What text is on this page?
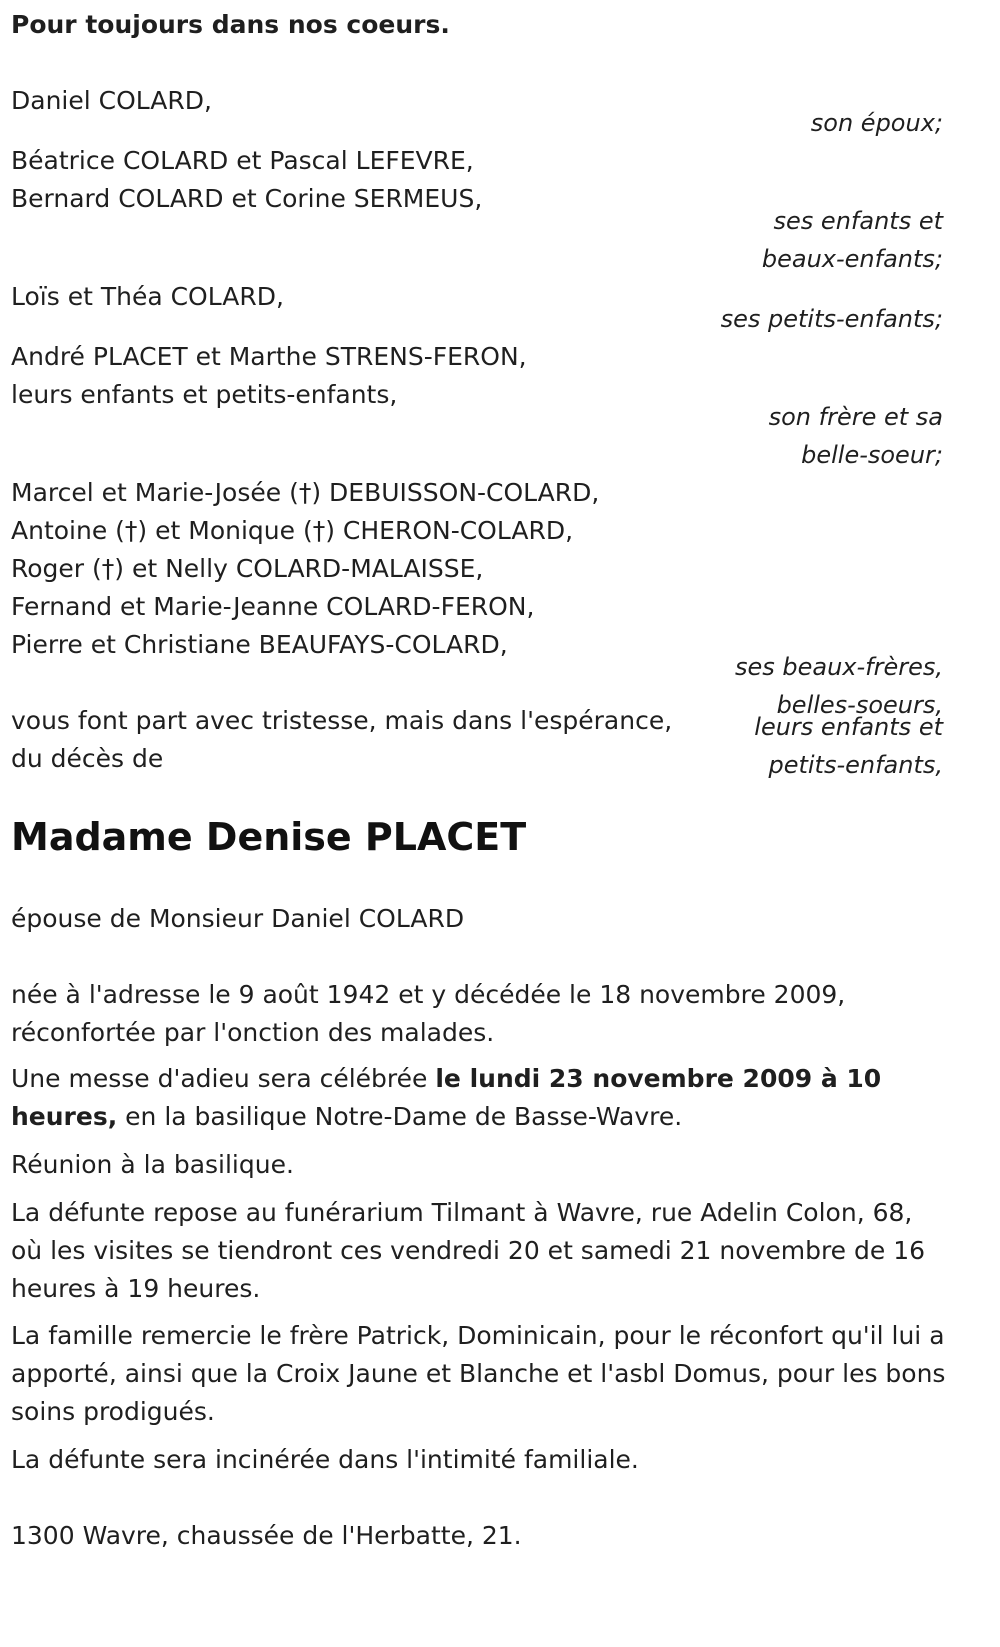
Pour toujours dans nos coeurs.
Daniel COLARD,
son époux;
Béatrice COLARD et Pascal LEFEVRE,
Bernard COLARD et Corine SERMEUS,
ses enfants et
beaux-enfants;
Loïs et Théa COLARD,
ses petits-enfants;
André PLACET et Marthe STRENS-FERON,
leurs enfants et petits-enfants,
son frère et sa
belle-soeur;
Marcel et Marie-Josée (†) DEBUISSON-COLARD,
Antoine (†) et Monique (†) CHERON-COLARD,
Roger (†) et Nelly COLARD-MALAISSE,
Fernand et Marie-Jeanne COLARD-FERON,
Pierre et Christiane BEAUFAYS-COLARD,
ses beaux-frères,
belles-soeurs,
leurs enfants et
petits-enfants,
vous font part avec tristesse, mais dans l'espérance,
du décès de
Madame Denise PLACET
épouse de Monsieur Daniel COLARD
née à l'adresse le 9 août 1942 et y décédée le 18 novembre 2009, réconfortée par l'onction des malades.
Une messe d'adieu sera célébrée le lundi 23 novembre 2009 à 10 heures, en la basilique Notre-Dame de Basse-Wavre.
Réunion à la basilique.
La défunte repose au funérarium Tilmant à Wavre, rue Adelin Colon, 68, où les visites se tiendront ces vendredi 20 et samedi 21 novembre de 16 heures à 19 heures.
La famille remercie le frère Patrick, Dominicain, pour le réconfort qu'il lui a apporté, ainsi que la Croix Jaune et Blanche et l'asbl Domus, pour les bons soins prodigués.
La défunte sera incinérée dans l'intimité familiale.
1300 Wavre, chaussée de l'Herbatte, 21.
